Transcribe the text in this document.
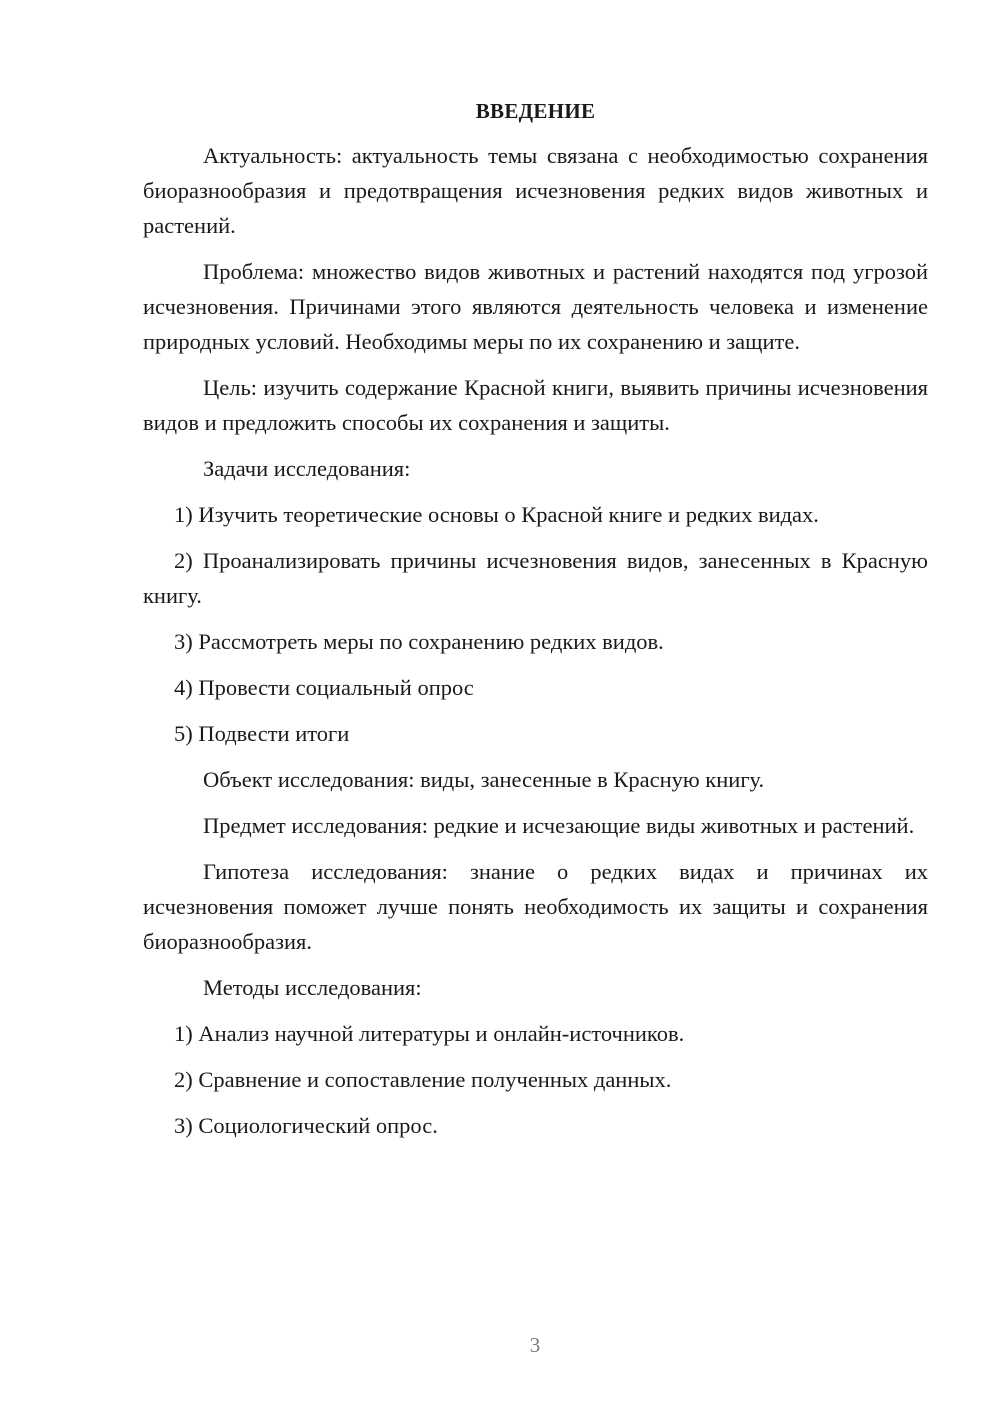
ВВЕДЕНИЕ
Актуальность: актуальность темы связана с необходимостью сохранения биоразнообразия и предотвращения исчезновения редких видов животных и растений.
Проблема: множество видов животных и растений находятся под угрозой исчезновения. Причинами этого являются деятельность человека и изменение природных условий. Необходимы меры по их сохранению и защите.
Цель: изучить содержание Красной книги, выявить причины исчезновения видов и предложить способы их сохранения и защиты.
Задачи исследования:
1) Изучить теоретические основы о Красной книге и редких видах.
2) Проанализировать причины исчезновения видов, занесенных в Красную книгу.
3) Рассмотреть меры по сохранению редких видов.
4) Провести социальный опрос
5) Подвести итоги
Объект исследования: виды, занесенные в Красную книгу.
Предмет исследования: редкие и исчезающие виды животных и растений.
Гипотеза исследования: знание о редких видах и причинах их исчезновения поможет лучше понять необходимость их защиты и сохранения биоразнообразия.
Методы исследования:
1) Анализ научной литературы и онлайн-источников.
2) Сравнение и сопоставление полученных данных.
3) Социологический опрос.
3
